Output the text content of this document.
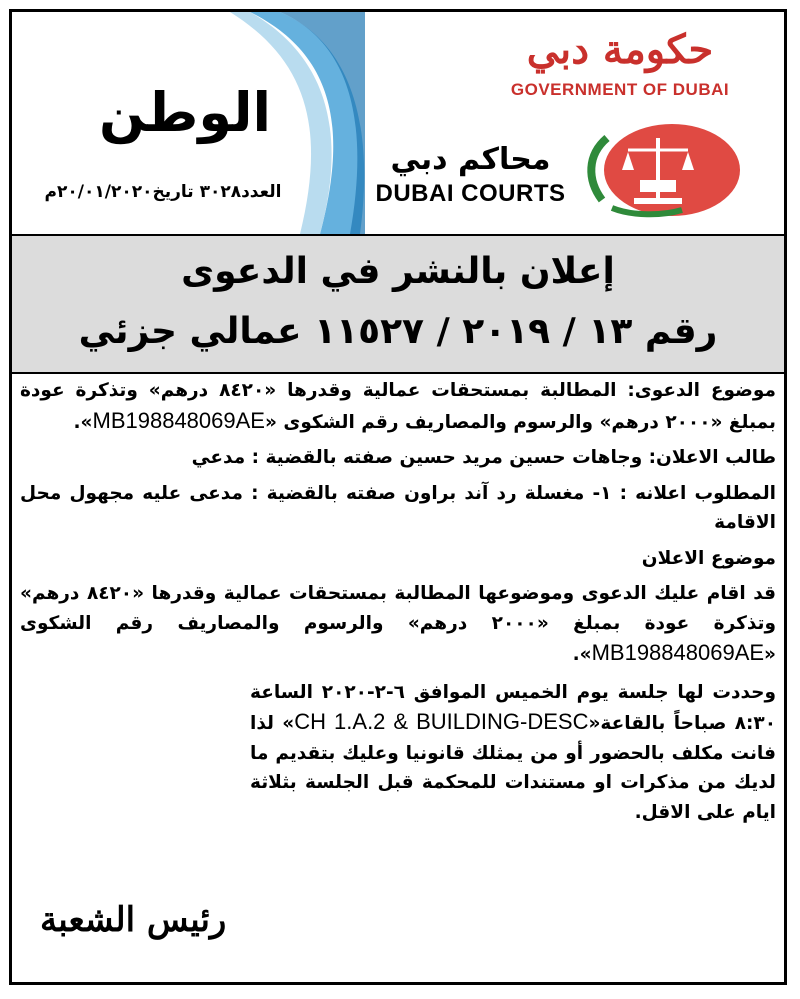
حكومة دبي
GOVERNMENT OF DUBAI
محاكم دبي
DUBAI COURTS
الوطن
العدد٣٠٢٨ تاريخ٢٠/٠١/٢٠٢٠م
إعلان بالنشر في الدعوى
رقم ١٣ / ٢٠١٩ / ١١٥٢٧ عمالي جزئي

موضوع الدعوى: المطالبة بمستحقات عمالية وقدرها «٨٤٢٠ درهم» وتذكرة عودة بمبلغ «٢٠٠٠ درهم» والرسوم والمصاريف رقم الشكوى «MB198848069AE».

طالب الاعلان: وجاهات حسين مريد حسين صفته بالقضية : مدعي

المطلوب اعلانه : ١- مغسلة رد آند براون صفته بالقضية : مدعى عليه مجهول محل الاقامة

موضوع الاعلان

قد اقام عليك الدعوى وموضوعها المطالبة بمستحقات عمالية وقدرها «٨٤٢٠ درهم» وتذكرة عودة بمبلغ «٢٠٠٠ درهم» والرسوم والمصاريف رقم الشكوى «MB198848069AE».

وحددت لها جلسة يوم الخميس الموافق ٦-٢-٢٠٢٠ الساعة ٨:٣٠ صباحاً بالقاعة«CH 1.A.2 & BUILDING-DESC» لذا فانت مكلف بالحضور أو من يمثلك قانونيا وعليك بتقديم ما لديك من مذكرات او مستندات للمحكمة قبل الجلسة بثلاثة ايام على الاقل.

رئيس الشعبة
